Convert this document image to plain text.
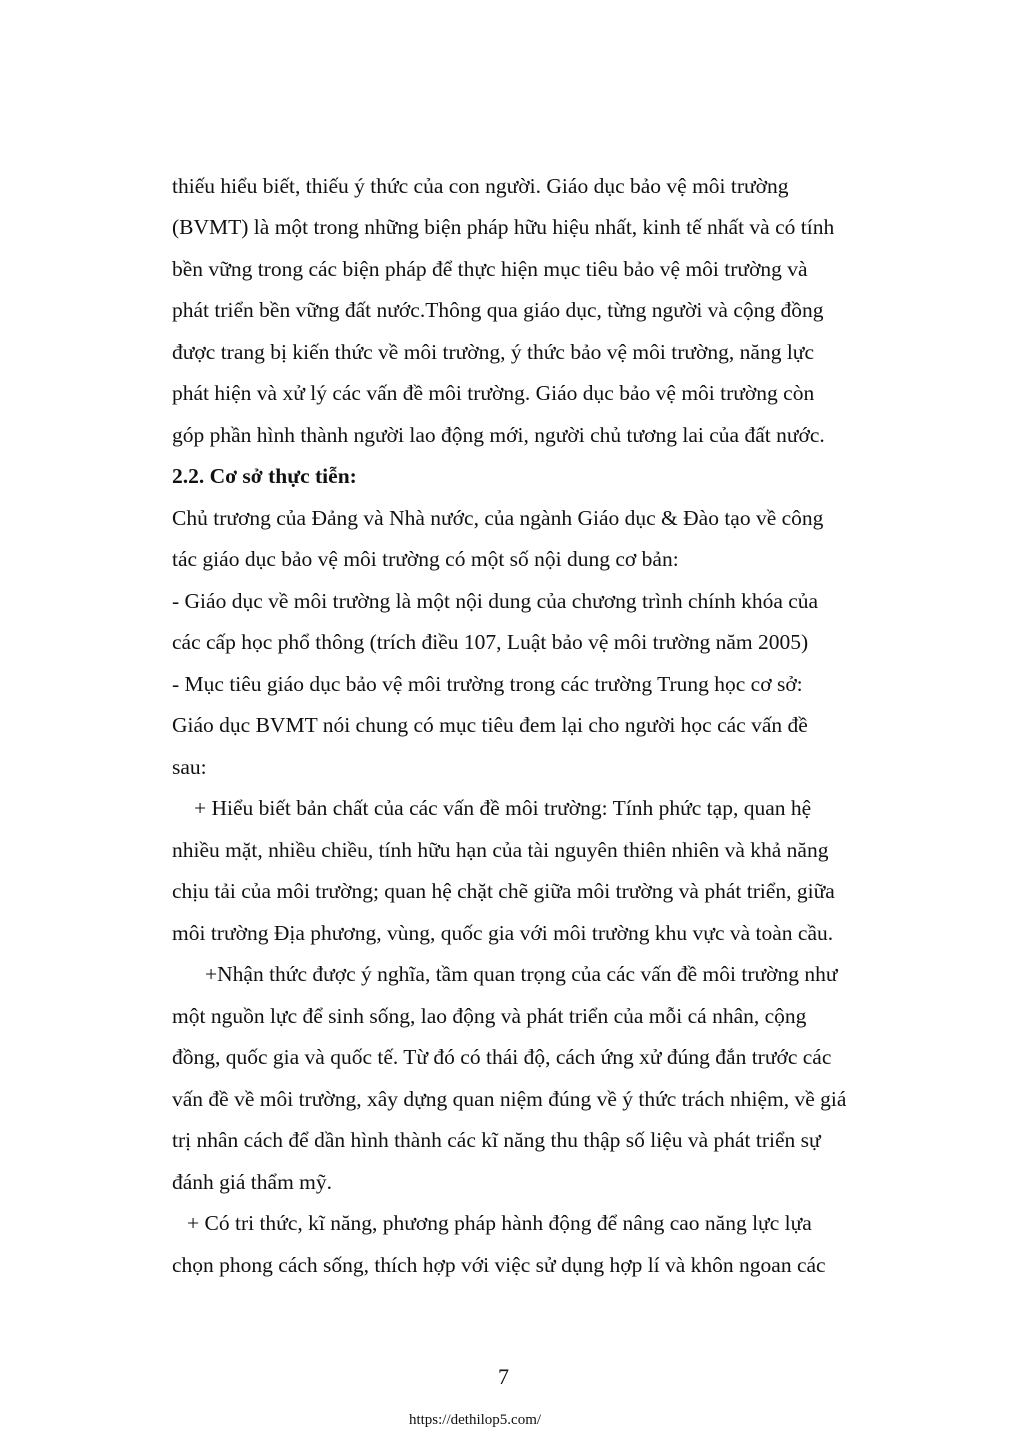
thiếu hiểu biết, thiếu ý thức của con người. Giáo dục bảo vệ môi trường
(BVMT) là một trong những biện pháp hữu hiệu nhất, kinh tế nhất và có tính
bền vững trong các biện pháp để thực hiện mục tiêu bảo vệ môi trường và
phát triển bền vững đất nước.Thông qua giáo dục, từng người và cộng đồng
được trang bị kiến thức về môi trường, ý thức bảo vệ môi trường, năng lực
phát hiện và xử lý các vấn đề môi trường. Giáo dục bảo vệ môi trường còn
góp phần hình thành người lao động mới, người chủ tương lai của đất nước.
2.2. Cơ sở thực tiễn:
Chủ trương của Đảng và Nhà nước, của ngành Giáo dục & Đào tạo về công
tác giáo dục bảo vệ môi trường có một số nội dung cơ bản:
- Giáo dục về môi trường là một nội dung của chương trình chính khóa của
các cấp học phổ thông (trích điều 107, Luật bảo vệ môi trường năm 2005)
- Mục tiêu giáo dục bảo vệ môi trường trong các trường Trung học cơ sở:
Giáo dục BVMT nói chung có mục tiêu đem lại cho người học các vấn đề
sau:
+ Hiểu biết bản chất của các vấn đề môi trường: Tính phức tạp, quan hệ
nhiều mặt, nhiều chiều, tính hữu hạn của tài nguyên thiên nhiên và khả năng
chịu tải của môi trường; quan hệ chặt chẽ giữa môi trường và phát triển, giữa
môi trường Địa phương, vùng, quốc gia với môi trường khu vực và toàn cầu.
+Nhận thức được ý nghĩa, tầm quan trọng của các vấn đề môi trường như
một nguồn lực để sinh sống, lao động và phát triển của mỗi cá nhân, cộng
đồng, quốc gia và quốc tế. Từ đó có thái độ, cách ứng xử đúng đắn trước các
vấn đề về môi trường, xây dựng quan niệm đúng về ý thức trách nhiệm, về giá
trị nhân cách để dần hình thành các kĩ năng thu thập số liệu và phát triển sự
đánh giá thẩm mỹ.
+ Có tri thức, kĩ năng, phương pháp hành động để nâng cao năng lực lựa
chọn phong cách sống, thích hợp với việc sử dụng hợp lí và khôn ngoan các
7
https://dethilop5.com/
